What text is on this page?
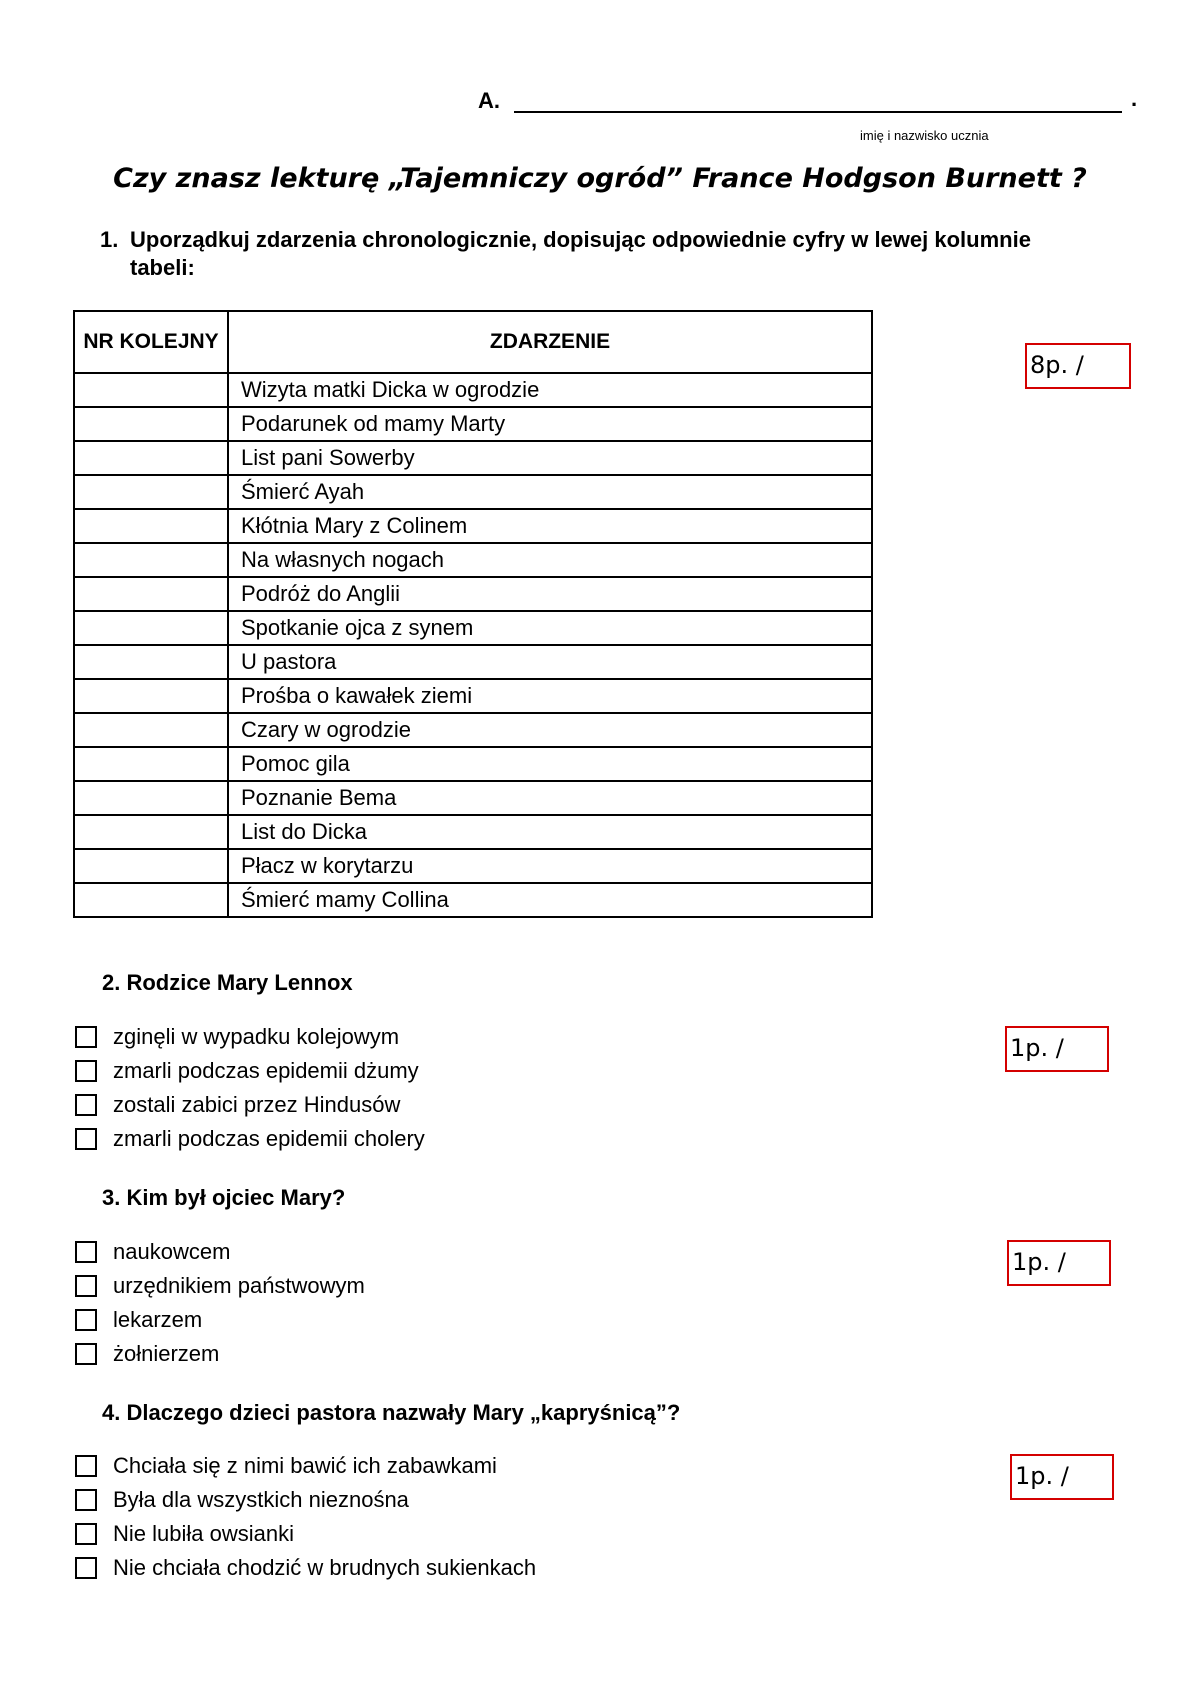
A.	.
imię i nazwisko ucznia
Czy znasz lekturę „Tajemniczy ogród” France Hodgson Burnett ?
1. Uporządkuj zdarzenia chronologicznie, dopisując odpowiednie cyfry w lewej kolumnie
tabeli:
NR KOLEJNY	ZDARZENIE
	Wizyta matki Dicka w ogrodzie
	Podarunek od mamy Marty
	List pani Sowerby
	Śmierć Ayah
	Kłótnia Mary z Colinem
	Na własnych nogach
	Podróż do Anglii
	Spotkanie ojca z synem
	U pastora
	Prośba o kawałek ziemi
	Czary w ogrodzie
	Pomoc gila
	Poznanie Bema
	List do Dicka
	Płacz w korytarzu
	Śmierć mamy Collina
8p. /
2. Rodzice Mary Lennox
zginęli w wypadku kolejowym
zmarli podczas epidemii dżumy
zostali zabici przez Hindusów
zmarli podczas epidemii cholery
1p. /
3. Kim był ojciec Mary?
naukowcem
urzędnikiem państwowym
lekarzem
żołnierzem
1p. /
4. Dlaczego dzieci pastora nazwały Mary „kapryśnicą”?
Chciała się z nimi bawić ich zabawkami
Była dla wszystkich nieznośna
Nie lubiła owsianki
Nie chciała chodzić w brudnych sukienkach
1p. /
